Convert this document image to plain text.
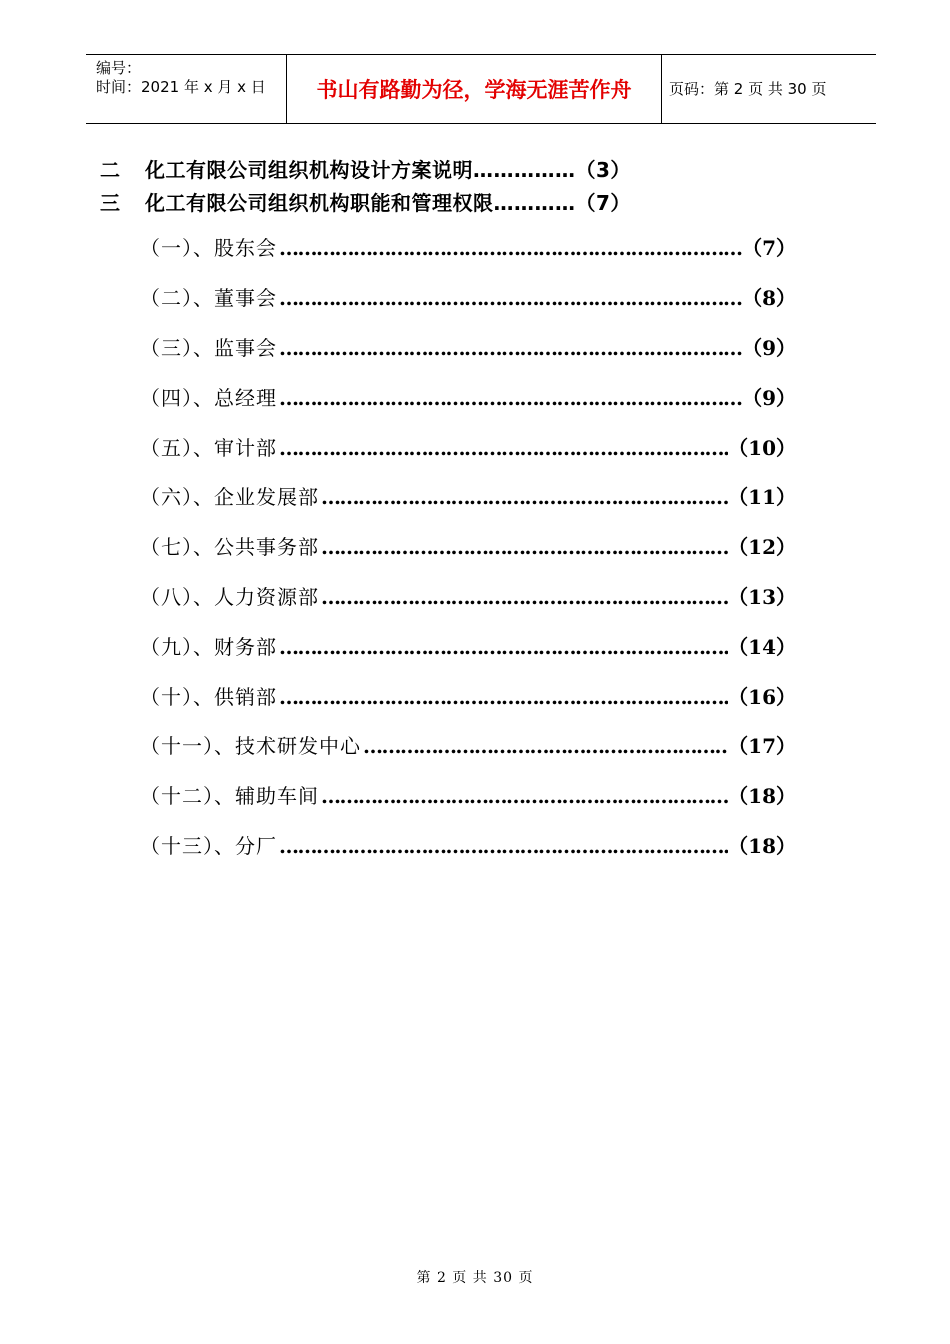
编号：
时间：2021 年 x 月 x 日	书山有路勤为径，学海无涯苦作舟	页码：第 2 页 共 30 页
二 化工有限公司组织机构设计方案说明……………（3）
三 化工有限公司组织机构职能和管理权限…………（7）
（一）、股东会 ………………………………………………………………………………………………………………………………………………………………	（7）
（二）、董事会 ………………………………………………………………………………………………………………………………………………………………	（8）
（三）、监事会 ………………………………………………………………………………………………………………………………………………………………	（9）
（四）、总经理 ………………………………………………………………………………………………………………………………………………………………	（9）
（五）、审计部 ………………………………………………………………………………………………………………………………………………………………	（10）
（六）、企业发展部 ………………………………………………………………………………………………………………………………………………………………	（11）
（七）、公共事务部 ………………………………………………………………………………………………………………………………………………………………	（12）
（八）、人力资源部 ………………………………………………………………………………………………………………………………………………………………	（13）
（九）、财务部 ………………………………………………………………………………………………………………………………………………………………	（14）
（十）、供销部 ………………………………………………………………………………………………………………………………………………………………	（16）
（十一）、技术研发中心 ………………………………………………………………………………………………………………………………………………………………	（17）
（十二）、辅助车间 ………………………………………………………………………………………………………………………………………………………………	（18）
（十三）、分厂 ………………………………………………………………………………………………………………………………………………………………	（18）
第 2 页 共 30 页
